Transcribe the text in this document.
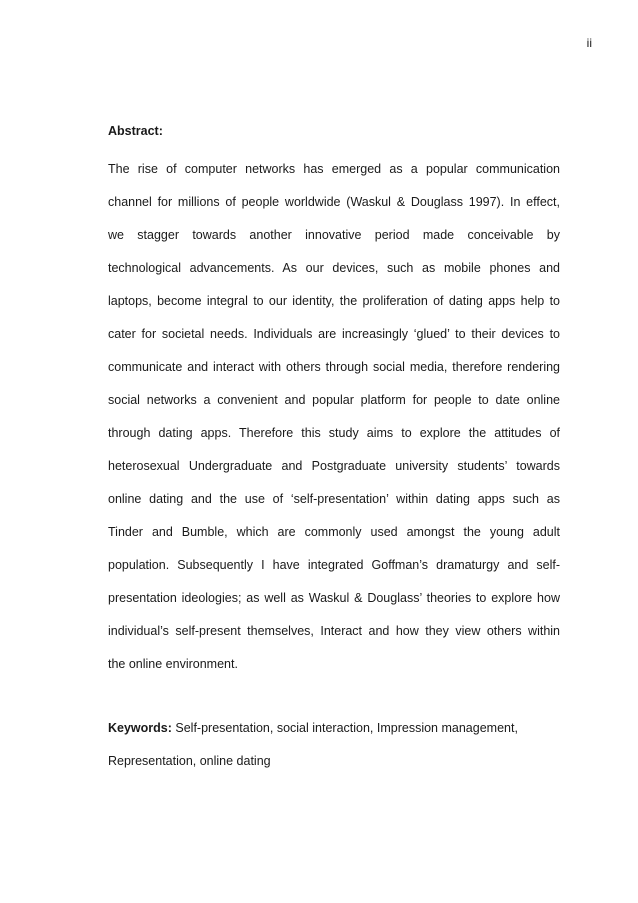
ii
Abstract:
The rise of computer networks has emerged as a popular communication
channel for millions of people worldwide (Waskul & Douglass 1997). In effect,
we stagger towards another innovative period made conceivable by
technological advancements. As our devices, such as mobile phones and
laptops, become integral to our identity, the proliferation of dating apps help to
cater for societal needs. Individuals are increasingly ‘glued’ to their devices to
communicate and interact with others through social media, therefore rendering
social networks a convenient and popular platform for people to date online
through dating apps. Therefore this study aims to explore the attitudes of
heterosexual Undergraduate and Postgraduate university students’ towards
online dating and the use of ‘self-presentation’ within dating apps such as
Tinder and Bumble, which are commonly used amongst the young adult
population. Subsequently I have integrated Goffman’s dramaturgy and self-
presentation ideologies; as well as Waskul & Douglass’ theories to explore how
individual’s self-present themselves, Interact and how they view others within
the online environment.
Keywords: Self-presentation, social interaction, Impression management,
Representation, online dating
